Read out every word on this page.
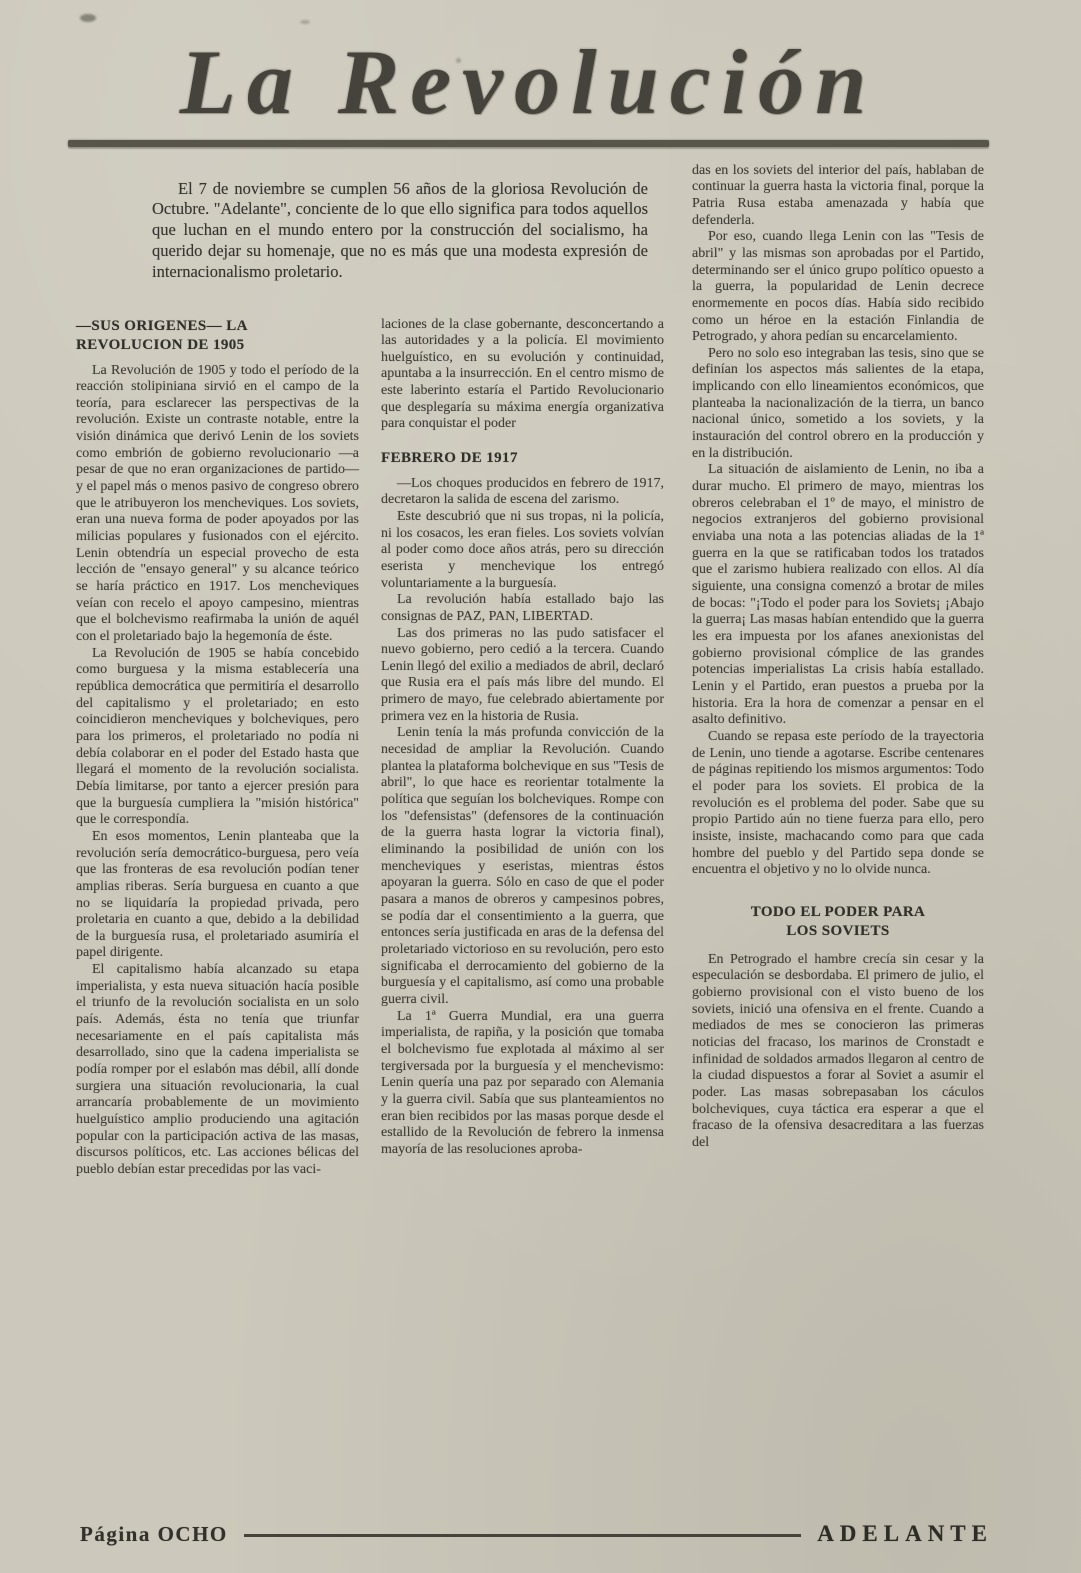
La Revolución
El 7 de noviembre se cumplen 56 años de la gloriosa Revolución de Octubre. "Adelante", conciente de lo que ello significa para todos aquellos que luchan en el mundo entero por la construcción del socialismo, ha querido dejar su homenaje, que no es más que una modesta expresión de internacionalismo proletario.
—SUS ORIGENES— LA REVOLUCION DE 1905

La Revolución de 1905 y todo el período de la reacción stolipiniana sirvió en el campo de la teoría, para esclarecer las perspectivas de la revolución. Existe un contraste notable, entre la visión dinámica que derivó Lenin de los soviets como embrión de gobierno revolucionario —a pesar de que no eran organizaciones de partido— y el papel más o menos pasivo de congreso obrero que le atribuyeron los mencheviques. Los soviets, eran una nueva forma de poder apoyados por las milicias populares y fusionados con el ejército. Lenin obtendría un especial provecho de esta lección de "ensayo general" y su alcance teórico se haría práctico en 1917. Los mencheviques veían con recelo el apoyo campesino, mientras que el bolchevismo reafirmaba la unión de aquél con el proletariado bajo la hegemonía de éste.

La Revolución de 1905 se había concebido como burguesa y la misma establecería una república democrática que permitiría el desarrollo del capitalismo y el proletariado; en esto coincidieron mencheviques y bolcheviques, pero para los primeros, el proletariado no podía ni debía colaborar en el poder del Estado hasta que llegará el momento de la revolución socialista. Debía limitarse, por tanto a ejercer presión para que la burguesía cumpliera la "misión histórica" que le correspondía.

En esos momentos, Lenin planteaba que la revolución sería democrático-burguesa, pero veía que las fronteras de esa revolución podían tener amplias riberas. Sería burguesa en cuanto a que no se liquidaría la propiedad privada, pero proletaria en cuanto a que, debido a la debilidad de la burguesía rusa, el proletariado asumiría el papel dirigente.

El capitalismo había alcanzado su etapa imperialista, y esta nueva situación hacía posible el triunfo de la revolución socialista en un solo país. Además, ésta no tenía que triunfar necesariamente en el país capitalista más desarrollado, sino que la cadena imperialista se podía romper por el eslabón mas débil, allí donde surgiera una situación revolucionaria, la cual arrancaría probablemente de un movimiento huelguístico amplio produciendo una agitación popular con la participación activa de las masas, discursos políticos, etc. Las acciones bélicas del pueblo debían estar precedidas por las vaci-

laciones de la clase gobernante, desconcertando a las autoridades y a la policía. El movimiento huelguístico, en su evolución y continuidad, apuntaba a la insurrección. En el centro mismo de este laberinto estaría el Partido Revolucionario que desplegaría su máxima energía organizativa para conquistar el poder

FEBRERO DE 1917

—Los choques producidos en febrero de 1917, decretaron la salida de escena del zarismo.

Este descubrió que ni sus tropas, ni la policía, ni los cosacos, les eran fieles. Los soviets volvían al poder como doce años atrás, pero su dirección eserista y menchevique los entregó voluntariamente a la burguesía.

La revolución había estallado bajo las consignas de PAZ, PAN, LIBERTAD.

Las dos primeras no las pudo satisfacer el nuevo gobierno, pero cedió a la tercera. Cuando Lenin llegó del exilio a mediados de abril, declaró que Rusia era el país más libre del mundo. El primero de mayo, fue celebrado abiertamente por primera vez en la historia de Rusia.

Lenin tenía la más profunda convicción de la necesidad de ampliar la Revolución. Cuando plantea la plataforma bolchevique en sus "Tesis de abril", lo que hace es reorientar totalmente la política que seguían los bolcheviques. Rompe con los "defensistas" (defensores de la continuación de la guerra hasta lograr la victoria final), eliminando la posibilidad de unión con los mencheviques y eseristas, mientras éstos apoyaran la guerra. Sólo en caso de que el poder pasara a manos de obreros y campesinos pobres, se podía dar el consentimiento a la guerra, que entonces sería justificada en aras de la defensa del proletariado victorioso en su revolución, pero esto significaba el derrocamiento del gobierno de la burguesía y el capitalismo, así como una probable guerra civil.

La 1ª Guerra Mundial, era una guerra imperialista, de rapiña, y la posición que tomaba el bolchevismo fue explotada al máximo al ser tergiversada por la burguesía y el menchevismo: Lenin quería una paz por separado con Alemania y la guerra civil. Sabía que sus planteamientos no eran bien recibidos por las masas porque desde el estallido de la Revolución de febrero la inmensa mayoría de las resoluciones aproba-

das en los soviets del interior del país, hablaban de continuar la guerra hasta la victoria final, porque la Patria Rusa estaba amenazada y había que defenderla.

Por eso, cuando llega Lenin con las "Tesis de abril" y las mismas son aprobadas por el Partido, determinando ser el único grupo político opuesto a la guerra, la popularidad de Lenin decrece enormemente en pocos días. Había sido recibido como un héroe en la estación Finlandia de Petrogrado, y ahora pedían su encarcelamiento.

Pero no solo eso integraban las tesis, sino que se definían los aspectos más salientes de la etapa, implicando con ello lineamientos económicos, que planteaba la nacionalización de la tierra, un banco nacional único, sometido a los soviets, y la instauración del control obrero en la producción y en la distribución.

La situación de aislamiento de Lenin, no iba a durar mucho. El primero de mayo, mientras los obreros celebraban el 1º de mayo, el ministro de negocios extranjeros del gobierno provisional enviaba una nota a las potencias aliadas de la 1ª guerra en la que se ratificaban todos los tratados que el zarismo hubiera realizado con ellos. Al día siguiente, una consigna comenzó a brotar de miles de bocas: "¡Todo el poder para los Soviets¡ ¡Abajo la guerra¡ Las masas habían entendido que la guerra les era impuesta por los afanes anexionistas del gobierno provisional cómplice de las grandes potencias imperialistas La crisis había estallado. Lenin y el Partido, eran puestos a prueba por la historia. Era la hora de comenzar a pensar en el asalto definitivo.

Cuando se repasa este período de la trayectoria de Lenin, uno tiende a agotarse. Escribe centenares de páginas repitiendo los mismos argumentos: Todo el poder para los soviets. El probica de la revolución es el problema del poder. Sabe que su propio Partido aún no tiene fuerza para ello, pero insiste, insiste, machacando como para que cada hombre del pueblo y del Partido sepa donde se encuentra el objetivo y no lo olvide nunca.

TODO EL PODER PARA LOS SOVIETS

En Petrogrado el hambre crecía sin cesar y la especulación se desbordaba. El primero de julio, el gobierno provisional con el visto bueno de los soviets, inició una ofensiva en el frente. Cuando a mediados de mes se conocieron las primeras noticias del fracaso, los marinos de Cronstadt e infinidad de soldados armados llegaron al centro de la ciudad dispuestos a forar al Soviet a asumir el poder. Las masas sobrepasaban los cáculos bolcheviques, cuya táctica era esperar a que el fracaso de la ofensiva desacreditara a las fuerzas del

Página OCHO	ADELANTE
